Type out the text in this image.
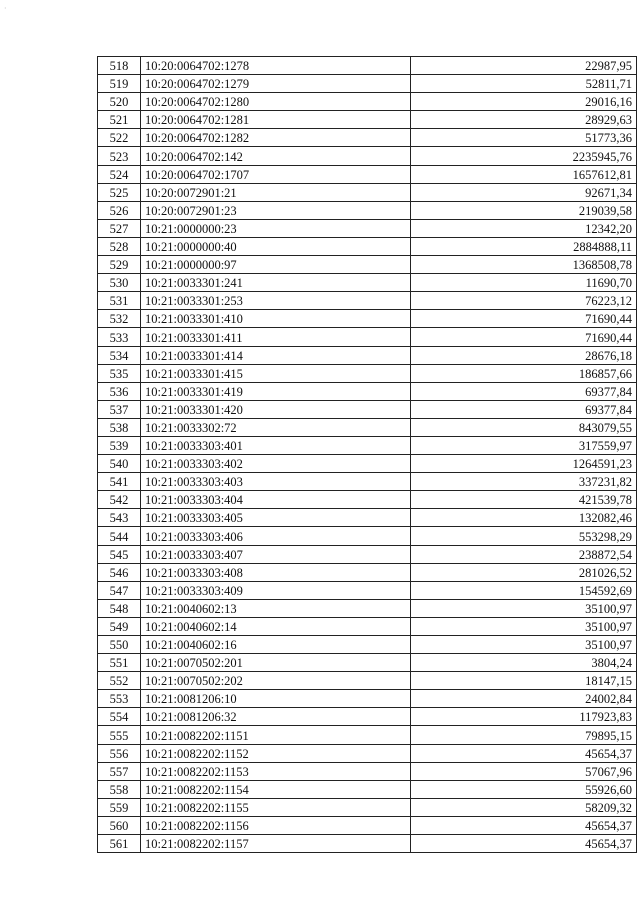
·
518	10:20:0064702:1278	22987,95
519	10:20:0064702:1279	52811,71
520	10:20:0064702:1280	29016,16
521	10:20:0064702:1281	28929,63
522	10:20:0064702:1282	51773,36
523	10:20:0064702:142	2235945,76
524	10:20:0064702:1707	1657612,81
525	10:20:0072901:21	92671,34
526	10:20:0072901:23	219039,58
527	10:21:0000000:23	12342,20
528	10:21:0000000:40	2884888,11
529	10:21:0000000:97	1368508,78
530	10:21:0033301:241	11690,70
531	10:21:0033301:253	76223,12
532	10:21:0033301:410	71690,44
533	10:21:0033301:411	71690,44
534	10:21:0033301:414	28676,18
535	10:21:0033301:415	186857,66
536	10:21:0033301:419	69377,84
537	10:21:0033301:420	69377,84
538	10:21:0033302:72	843079,55
539	10:21:0033303:401	317559,97
540	10:21:0033303:402	1264591,23
541	10:21:0033303:403	337231,82
542	10:21:0033303:404	421539,78
543	10:21:0033303:405	132082,46
544	10:21:0033303:406	553298,29
545	10:21:0033303:407	238872,54
546	10:21:0033303:408	281026,52
547	10:21:0033303:409	154592,69
548	10:21:0040602:13	35100,97
549	10:21:0040602:14	35100,97
550	10:21:0040602:16	35100,97
551	10:21:0070502:201	3804,24
552	10:21:0070502:202	18147,15
553	10:21:0081206:10	24002,84
554	10:21:0081206:32	117923,83
555	10:21:0082202:1151	79895,15
556	10:21:0082202:1152	45654,37
557	10:21:0082202:1153	57067,96
558	10:21:0082202:1154	55926,60
559	10:21:0082202:1155	58209,32
560	10:21:0082202:1156	45654,37
561	10:21:0082202:1157	45654,37
